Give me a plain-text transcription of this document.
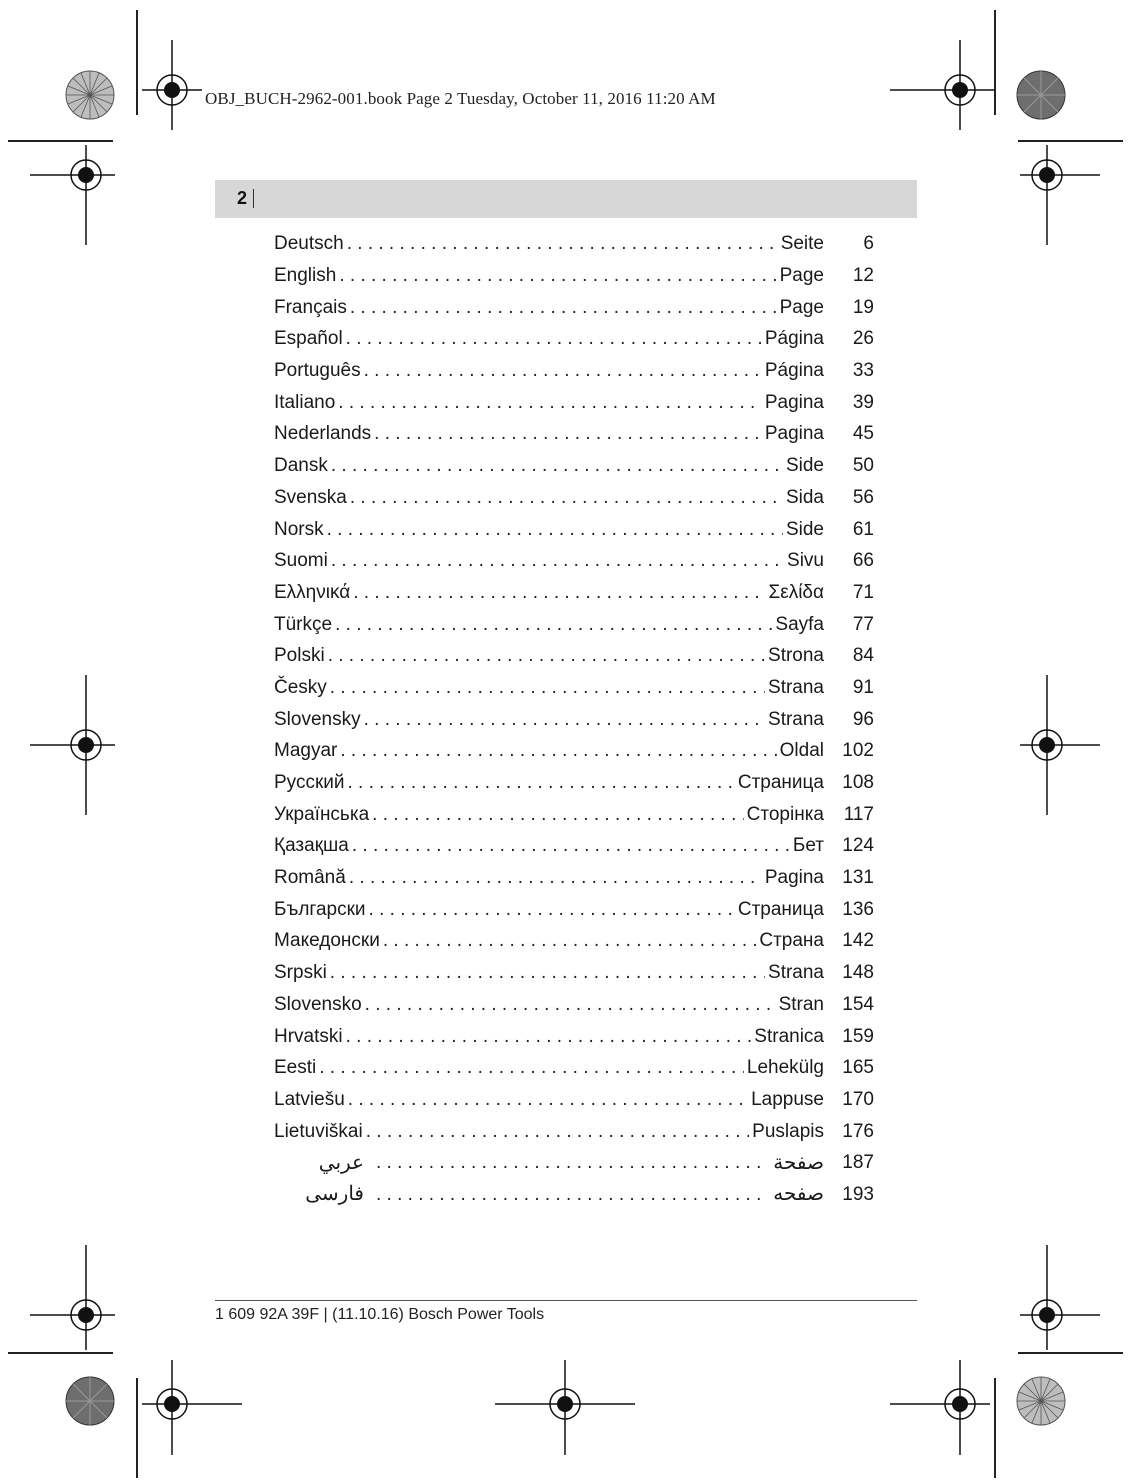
OBJ_BUCH-2962-001.book Page 2 Tuesday, October 11, 2016 11:20 AM
2
Deutsch . . .	Seite	6
English . . .	Page	12
Français . . .	Page	19
Español . . .	Página	26
Português . . .	Página	33
Italiano . . .	Pagina	39
Nederlands . . .	Pagina	45
Dansk . . .	Side	50
Svenska . . .	Sida	56
Norsk . . .	Side	61
Suomi . . .	Sivu	66
Ελληνικά . . .	Σελίδα	71
Türkçe . . .	Sayfa	77
Polski . . .	Strona	84
Česky . . .	Strana	91
Slovensky . . .	Strana	96
Magyar . . .	Oldal 102
Русский . . .	Страница 108
Українська . . .	Сторінка	117
Қазақша . . .	Бет 124
Română . . .	Pagina 131
Български . . .	Страница 136
Македонски . . .	Страна 142
Srpski . . .	Strana 148
Slovensko . . .	Stran 154
Hrvatski . . .	Stranica 159
Eesti . . .	Lehekülg 165
Latviešu . . .	Lappuse 170
Lietuviškai . . .	Puslapis 176
عربي . . .	صفحة 187
فارسی . . .	صفحه 193
1 609 92A 39F | (11.10.16) Bosch Power Tools
